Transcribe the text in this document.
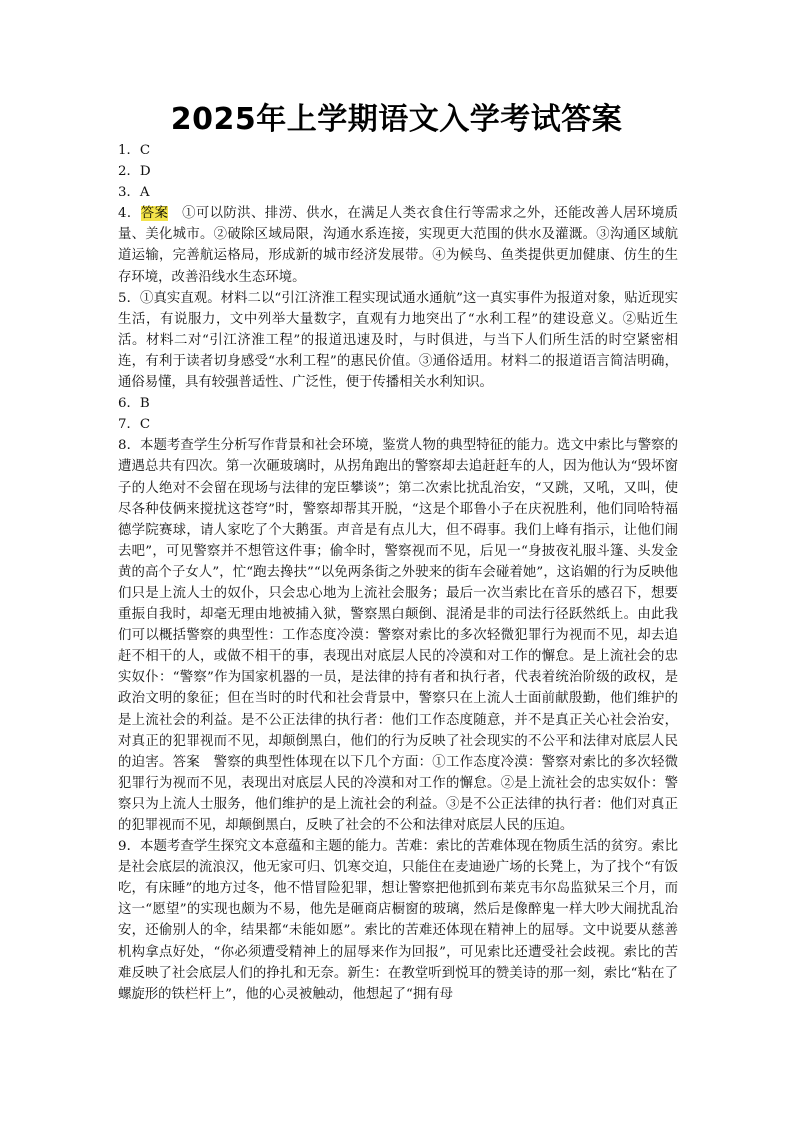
2025年上学期语文入学考试答案

1．C

2．D

3．A

4．答案　①可以防洪、排涝、供水，在满足人类衣食住行等需求之外，还能改善人居环境质量、美化城市。②破除区域局限，沟通水系连接，实现更大范围的供水及灌溉。③沟通区域航道运输，完善航运格局，形成新的城市经济发展带。④为候鸟、鱼类提供更加健康、仿生的生存环境，改善沿线水生态环境。

5．①真实直观。材料二以“引江济淮工程实现试通水通航”这一真实事件为报道对象，贴近现实生活，有说服力，文中列举大量数字，直观有力地突出了“水利工程”的建设意义。②贴近生活。材料二对“引江济淮工程”的报道迅速及时，与时俱进，与当下人们所生活的时空紧密相连，有利于读者切身感受“水利工程”的惠民价值。③通俗适用。材料二的报道语言简洁明确，通俗易懂，具有较强普适性、广泛性，便于传播相关水利知识。

6．B

7．C

8．本题考查学生分析写作背景和社会环境，鉴赏人物的典型特征的能力。选文中索比与警察的遭遇总共有四次。第一次砸玻璃时，从拐角跑出的警察却去追赶赶车的人，因为他认为“毁坏窗子的人绝对不会留在现场与法律的宠臣攀谈”；第二次索比扰乱治安，“又跳，又吼，又叫，使尽各种伎俩来搅扰这苍穹”时，警察却帮其开脱，“这是个耶鲁小子在庆祝胜利，他们同哈特福德学院赛球，请人家吃了个大鹅蛋。声音是有点儿大，但不碍事。我们上峰有指示，让他们闹去吧”，可见警察并不想管这件事；偷伞时，警察视而不见，后见一“身披夜礼服斗篷、头发金黄的高个子女人”，忙“跑去搀扶”“以免两条街之外驶来的街车会碰着她”，这谄媚的行为反映他们只是上流人士的奴仆，只会忠心地为上流社会服务；最后一次当索比在音乐的感召下，想要重振自我时，却毫无理由地被捕入狱，警察黑白颠倒、混淆是非的司法行径跃然纸上。由此我们可以概括警察的典型性：工作态度冷漠：警察对索比的多次轻微犯罪行为视而不见，却去追赶不相干的人，或做不相干的事，表现出对底层人民的冷漠和对工作的懈怠。是上流社会的忠实奴仆：“警察”作为国家机器的一员，是法律的持有者和执行者，代表着统治阶级的政权，是政治文明的象征；但在当时的时代和社会背景中，警察只在上流人士面前献殷勤，他们维护的是上流社会的利益。是不公正法律的执行者：他们工作态度随意，并不是真正关心社会治安，对真正的犯罪视而不见，却颠倒黑白，他们的行为反映了社会现实的不公平和法律对底层人民的迫害。答案　警察的典型性体现在以下几个方面：①工作态度冷漠：警察对索比的多次轻微犯罪行为视而不见，表现出对底层人民的冷漠和对工作的懈怠。②是上流社会的忠实奴仆：警察只为上流人士服务，他们维护的是上流社会的利益。③是不公正法律的执行者：他们对真正的犯罪视而不见，却颠倒黑白，反映了社会的不公和法律对底层人民的压迫。

9．本题考查学生探究文本意蕴和主题的能力。苦难：索比的苦难体现在物质生活的贫穷。索比是社会底层的流浪汉，他无家可归、饥寒交迫，只能住在麦迪逊广场的长凳上，为了找个“有饭吃，有床睡”的地方过冬，他不惜冒险犯罪，想让警察把他抓到布莱克韦尔岛监狱呆三个月，而这一“愿望”的实现也颇为不易，他先是砸商店橱窗的玻璃，然后是像醉鬼一样大吵大闹扰乱治安，还偷别人的伞，结果都“未能如愿”。索比的苦难还体现在精神上的屈辱。文中说要从慈善机构拿点好处，“你必须遭受精神上的屈辱来作为回报”，可见索比还遭受社会歧视。索比的苦难反映了社会底层人们的挣扎和无奈。新生：在教堂听到悦耳的赞美诗的那一刻，索比“粘在了螺旋形的铁栏杆上”，他的心灵被触动，他想起了“拥有母
